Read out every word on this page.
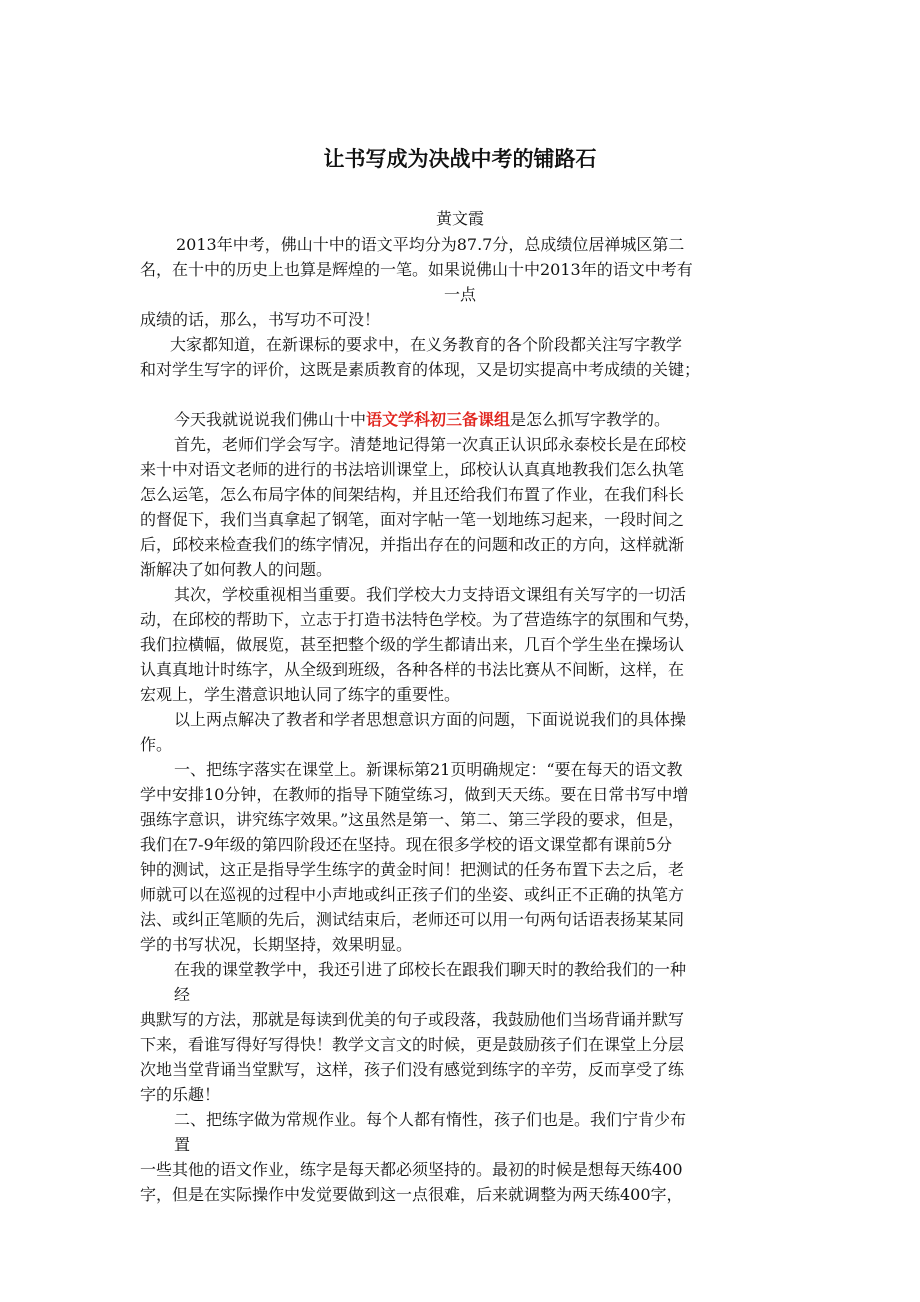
让书写成为决战中考的铺路石
黄文霞
2013年中考，佛山十中的语文平均分为87.7分，总成绩位居禅城区第二
名，在十中的历史上也算是辉煌的一笔。如果说佛山十中2013年的语文中考有
一点
成绩的话，那么，书写功不可没！
大家都知道，在新课标的要求中，在义务教育的各个阶段都关注写字教学
和对学生写字的评价，这既是素质教育的体现，又是切实提高中考成绩的关键；
今天我就说说我们佛山十中语文学科初三备课组是怎么抓写字教学的。
首先，老师们学会写字。清楚地记得第一次真正认识邱永泰校长是在邱校
来十中对语文老师的进行的书法培训课堂上，邱校认认真真地教我们怎么执笔
怎么运笔，怎么布局字体的间架结构，并且还给我们布置了作业，在我们科长
的督促下，我们当真拿起了钢笔，面对字帖一笔一划地练习起来，一段时间之
后，邱校来检查我们的练字情况，并指出存在的问题和改正的方向，这样就渐
渐解决了如何教人的问题。
其次，学校重视相当重要。我们学校大力支持语文课组有关写字的一切活
动，在邱校的帮助下，立志于打造书法特色学校。为了营造练字的氛围和气势，
我们拉横幅，做展览，甚至把整个级的学生都请出来，几百个学生坐在操场认
认真真地计时练字，从全级到班级，各种各样的书法比赛从不间断，这样，在
宏观上，学生潜意识地认同了练字的重要性。
以上两点解决了教者和学者思想意识方面的问题，下面说说我们的具体操
作。
一、把练字落实在课堂上。新课标第21页明确规定：“要在每天的语文教
学中安排10分钟，在教师的指导下随堂练习，做到天天练。要在日常书写中增
强练字意识，讲究练字效果。”这虽然是第一、第二、第三学段的要求，但是，
我们在7-9年级的第四阶段还在坚持。现在很多学校的语文课堂都有课前5分
钟的测试，这正是指导学生练字的黄金时间！把测试的任务布置下去之后，老
师就可以在巡视的过程中小声地或纠正孩子们的坐姿、或纠正不正确的执笔方
法、或纠正笔顺的先后，测试结束后，老师还可以用一句两句话语表扬某某同
学的书写状况，长期坚持，效果明显。
在我的课堂教学中，我还引进了邱校长在跟我们聊天时的教给我们的一种
经
典默写的方法，那就是每读到优美的句子或段落，我鼓励他们当场背诵并默写
下来，看谁写得好写得快！教学文言文的时候，更是鼓励孩子们在课堂上分层
次地当堂背诵当堂默写，这样，孩子们没有感觉到练字的辛劳，反而享受了练
字的乐趣！
二、把练字做为常规作业。每个人都有惰性，孩子们也是。我们宁肯少布
置
一些其他的语文作业，练字是每天都必须坚持的。最初的时候是想每天练400
字，但是在实际操作中发觉要做到这一点很难，后来就调整为两天练400字，
